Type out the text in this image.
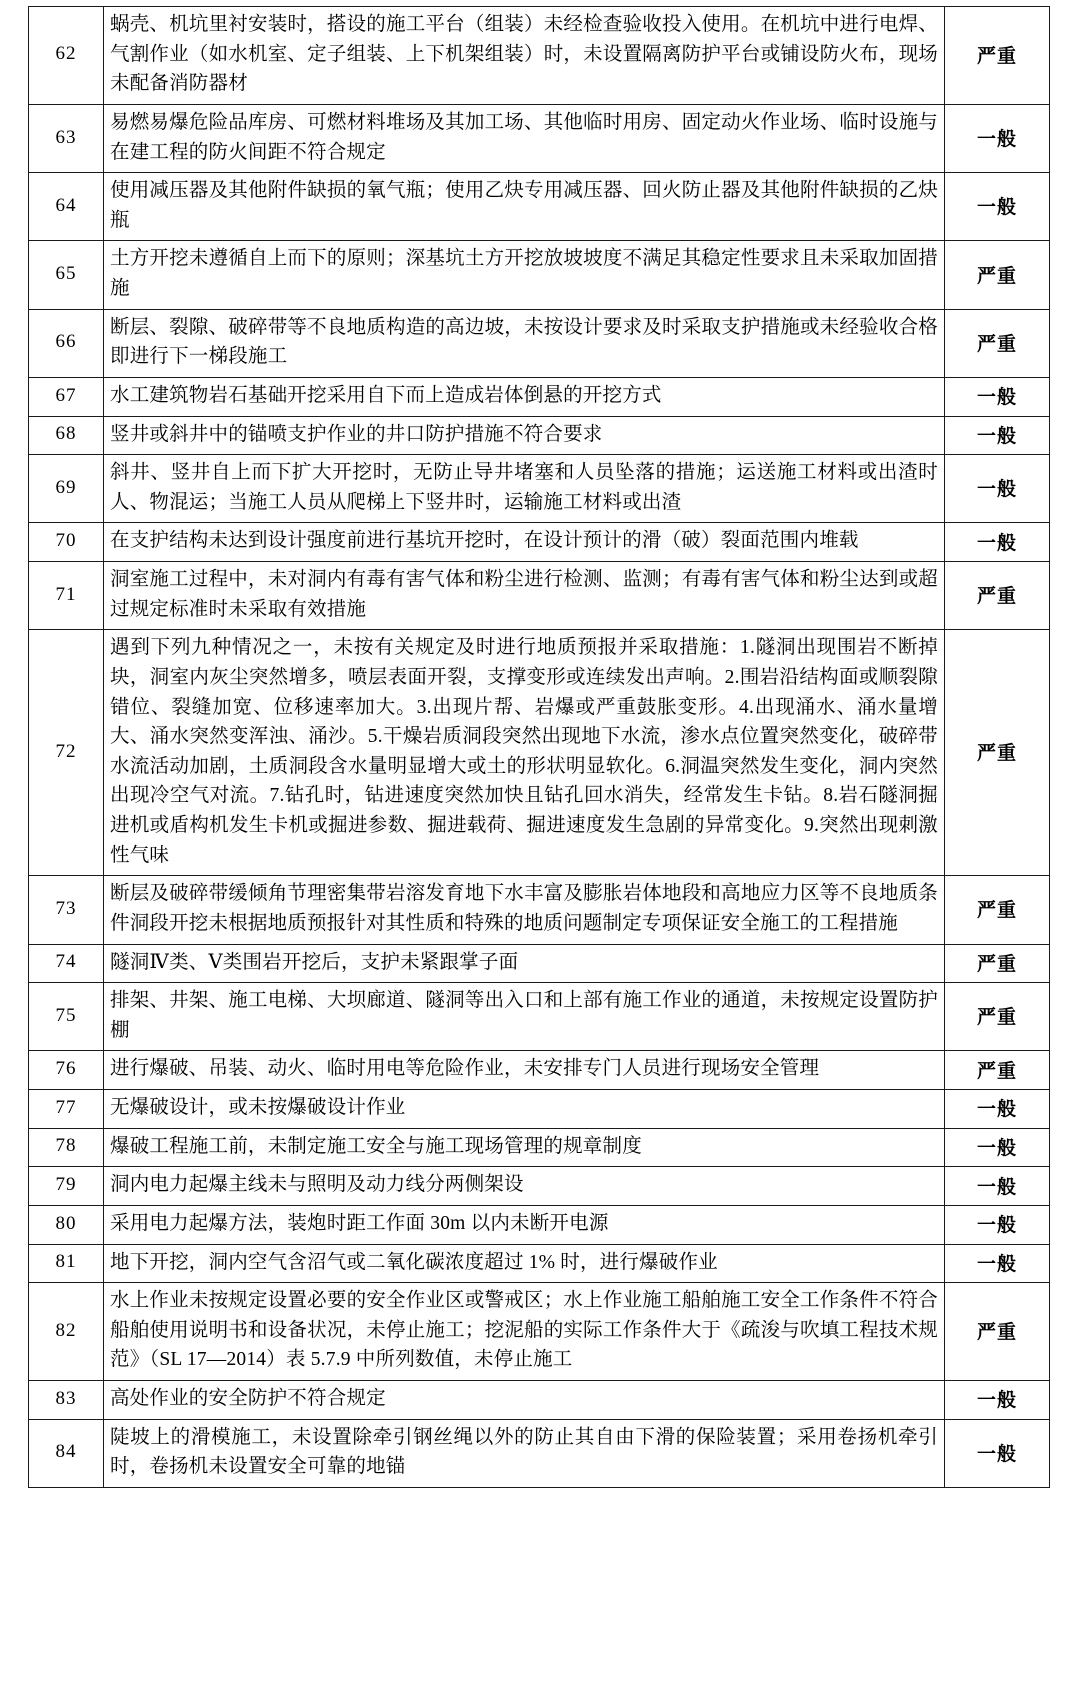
62	蜗壳、机坑里衬安装时，搭设的施工平台（组装）未经检查验收投入使用。在机坑中进行电焊、气割作业（如水机室、定子组装、上下机架组装）时，未设置隔离防护平台或铺设防火布，现场未配备消防器材	严重
63	易燃易爆危险品库房、可燃材料堆场及其加工场、其他临时用房、固定动火作业场、临时设施与在建工程的防火间距不符合规定	一般
64	使用减压器及其他附件缺损的氧气瓶；使用乙炔专用减压器、回火防止器及其他附件缺损的乙炔瓶	一般
65	土方开挖未遵循自上而下的原则；深基坑土方开挖放坡坡度不满足其稳定性要求且未采取加固措施	严重
66	断层、裂隙、破碎带等不良地质构造的高边坡，未按设计要求及时采取支护措施或未经验收合格即进行下一梯段施工	严重
67	水工建筑物岩石基础开挖采用自下而上造成岩体倒悬的开挖方式	一般
68	竖井或斜井中的锚喷支护作业的井口防护措施不符合要求	一般
69	斜井、竖井自上而下扩大开挖时，无防止导井堵塞和人员坠落的措施；运送施工材料或出渣时人、物混运；当施工人员从爬梯上下竖井时，运输施工材料或出渣	一般
70	在支护结构未达到设计强度前进行基坑开挖时，在设计预计的滑（破）裂面范围内堆载	一般
71	洞室施工过程中，未对洞内有毒有害气体和粉尘进行检测、监测；有毒有害气体和粉尘达到或超过规定标准时未采取有效措施	严重
72	遇到下列九种情况之一，未按有关规定及时进行地质预报并采取措施：1.隧洞出现围岩不断掉块，洞室内灰尘突然增多，喷层表面开裂，支撑变形或连续发出声响。2.围岩沿结构面或顺裂隙错位、裂缝加宽、位移速率加大。3.出现片帮、岩爆或严重鼓胀变形。4.出现涌水、涌水量增大、涌水突然变浑浊、涌沙。5.干燥岩质洞段突然出现地下水流，渗水点位置突然变化，破碎带水流活动加剧，土质洞段含水量明显增大或土的形状明显软化。6.洞温突然发生变化，洞内突然出现冷空气对流。7.钻孔时，钻进速度突然加快且钻孔回水消失，经常发生卡钻。8.岩石隧洞掘进机或盾构机发生卡机或掘进参数、掘进载荷、掘进速度发生急剧的异常变化。9.突然出现刺激性气味	严重
73	断层及破碎带缓倾角节理密集带岩溶发育地下水丰富及膨胀岩体地段和高地应力区等不良地质条件洞段开挖未根据地质预报针对其性质和特殊的地质问题制定专项保证安全施工的工程措施	严重
74	隧洞Ⅳ类、Ⅴ类围岩开挖后，支护未紧跟掌子面	严重
75	排架、井架、施工电梯、大坝廊道、隧洞等出入口和上部有施工作业的通道，未按规定设置防护棚	严重
76	进行爆破、吊装、动火、临时用电等危险作业，未安排专门人员进行现场安全管理	严重
77	无爆破设计，或未按爆破设计作业	一般
78	爆破工程施工前，未制定施工安全与施工现场管理的规章制度	一般
79	洞内电力起爆主线未与照明及动力线分两侧架设	一般
80	采用电力起爆方法，装炮时距工作面 30m 以内未断开电源	一般
81	地下开挖，洞内空气含沼气或二氧化碳浓度超过 1% 时，进行爆破作业	一般
82	水上作业未按规定设置必要的安全作业区或警戒区；水上作业施工船舶施工安全工作条件不符合船舶使用说明书和设备状况，未停止施工；挖泥船的实际工作条件大于《疏浚与吹填工程技术规范》（SL 17—2014）表 5.7.9 中所列数值，未停止施工	严重
83	高处作业的安全防护不符合规定	一般
84	陡坡上的滑模施工，未设置除牵引钢丝绳以外的防止其自由下滑的保险装置；采用卷扬机牵引时，卷扬机未设置安全可靠的地锚	一般
